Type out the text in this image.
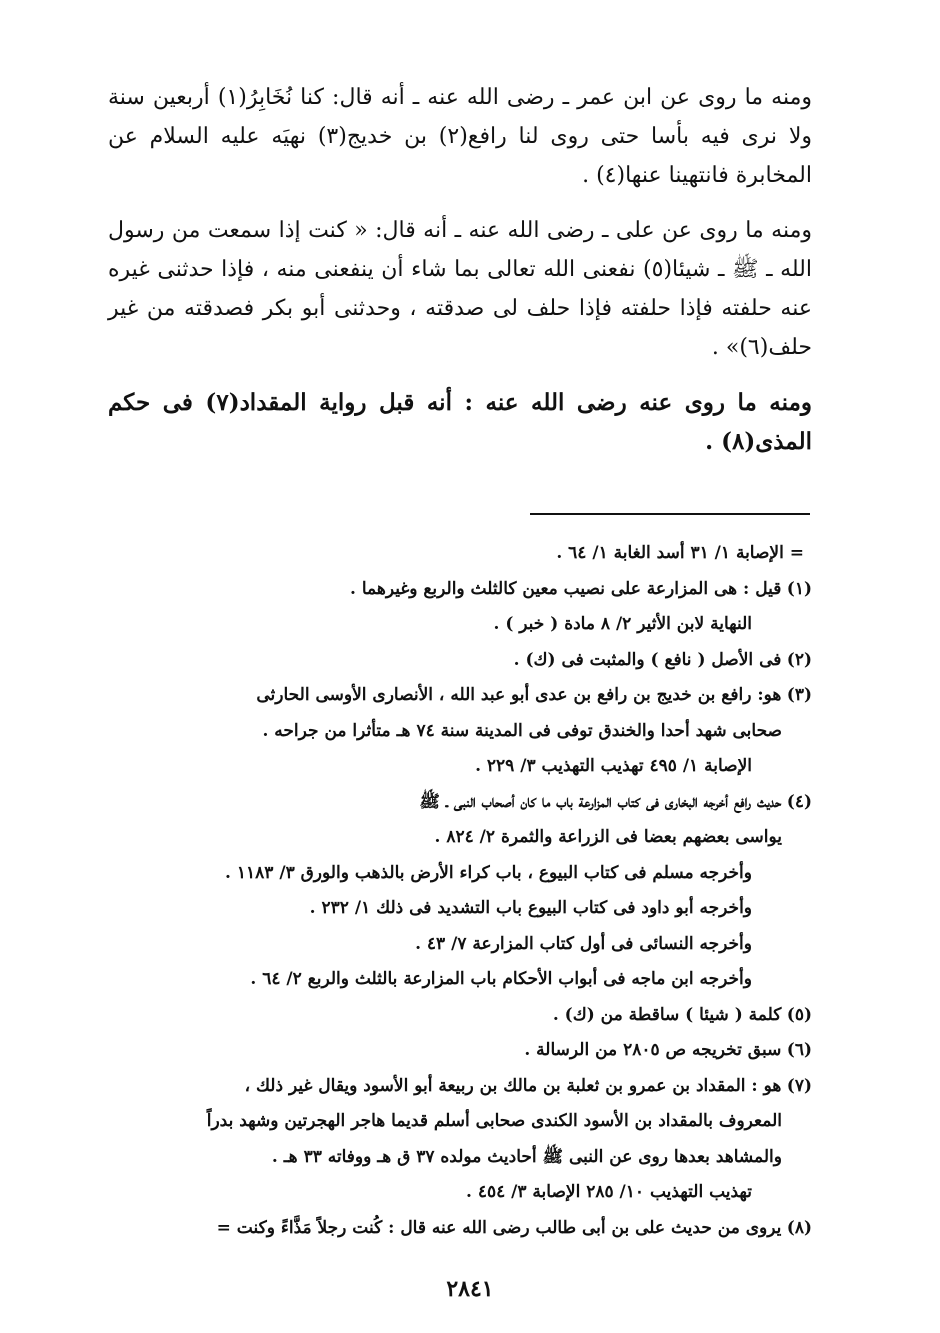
ومنه ما روى عن ابن عمر ـ رضى الله عنه ـ أنه قال: كنا نُخَابِرُ(١) أربعين سنة ولا نرى فيه بأسا حتى روى لنا رافع(٢) بن خديج(٣) نهيَه عليه السلام عن المخابرة فانتهينا عنها(٤) .

ومنه ما روى عن على ـ رضى الله عنه ـ أنه قال: « كنت إذا سمعت من رسول الله ـ ﷺ ـ شيئا(٥) نفعنى الله تعالى بما شاء أن ينفعنى منه ، فإذا حدثنى غيره عنه حلفته فإذا حلفته فإذا حلف لى صدقته ، وحدثنى أبو بكر فصدقته من غير حلف(٦)» .

ومنه ما روى عنه رضى الله عنه : أنه قبل رواية المقداد(٧) فى حكم المذى(٨) .

= الإصابة ١/ ٣١ أسد الغابة ١/ ٦٤ .
(١) قيل : هى المزارعة على نصيب معين كالثلث والربع وغيرهما .
النهاية لابن الأثير ٢/ ٨ مادة ( خبر ) .
(٢) فى الأصل ( نافع ) والمثبت فى (ك) .
(٣) هو: رافع بن خديج بن رافع بن عدى أبو عبد الله ، الأنصارى الأوسى الحارثى
صحابى شهد أحدا والخندق توفى فى المدينة سنة ٧٤ هـ متأثرا من جراحه .
الإصابة ١/ ٤٩٥ تهذيب التهذيب ٣/ ٢٢٩ .
(٤) حديث رافع أخرجه البخارى فى كتاب المزارعة باب ما كان أصحاب النبى ـ ﷺ
يواسى بعضهم بعضا فى الزراعة والثمرة ٢/ ٨٢٤ .
وأخرجه مسلم فى كتاب البيوع ، باب كراء الأرض بالذهب والورق ٣/ ١١٨٣ .
وأخرجه أبو داود فى كتاب البيوع باب التشديد فى ذلك ١/ ٢٣٢ .
وأخرجه النسائى فى أول كتاب المزارعة ٧/ ٤٣ .
وأخرجه ابن ماجه فى أبواب الأحكام باب المزارعة بالثلث والربع ٢/ ٦٤ .
(٥) كلمة ( شيئا ) ساقطة من (ك) .
(٦) سبق تخريجه ص ٢٨٠٥ من الرسالة .
(٧) هو : المقداد بن عمرو بن ثعلبة بن مالك بن ربيعة أبو الأسود ويقال غير ذلك ،
المعروف بالمقداد بن الأسود الكندى صحابى أسلم قديما هاجر الهجرتين وشهد بدراً
والمشاهد بعدها روى عن النبى ﷺ أحاديث مولده ٣٧ ق هـ ووفاته ٣٣ هـ .
تهذيب التهذيب ١٠/ ٢٨٥ الإصابة ٣/ ٤٥٤ .
(٨) يروى من حديث على بن أبى طالب رضى الله عنه قال : كُنت رجلاً مَذَّاءً وكنت =
٢٨٤١
